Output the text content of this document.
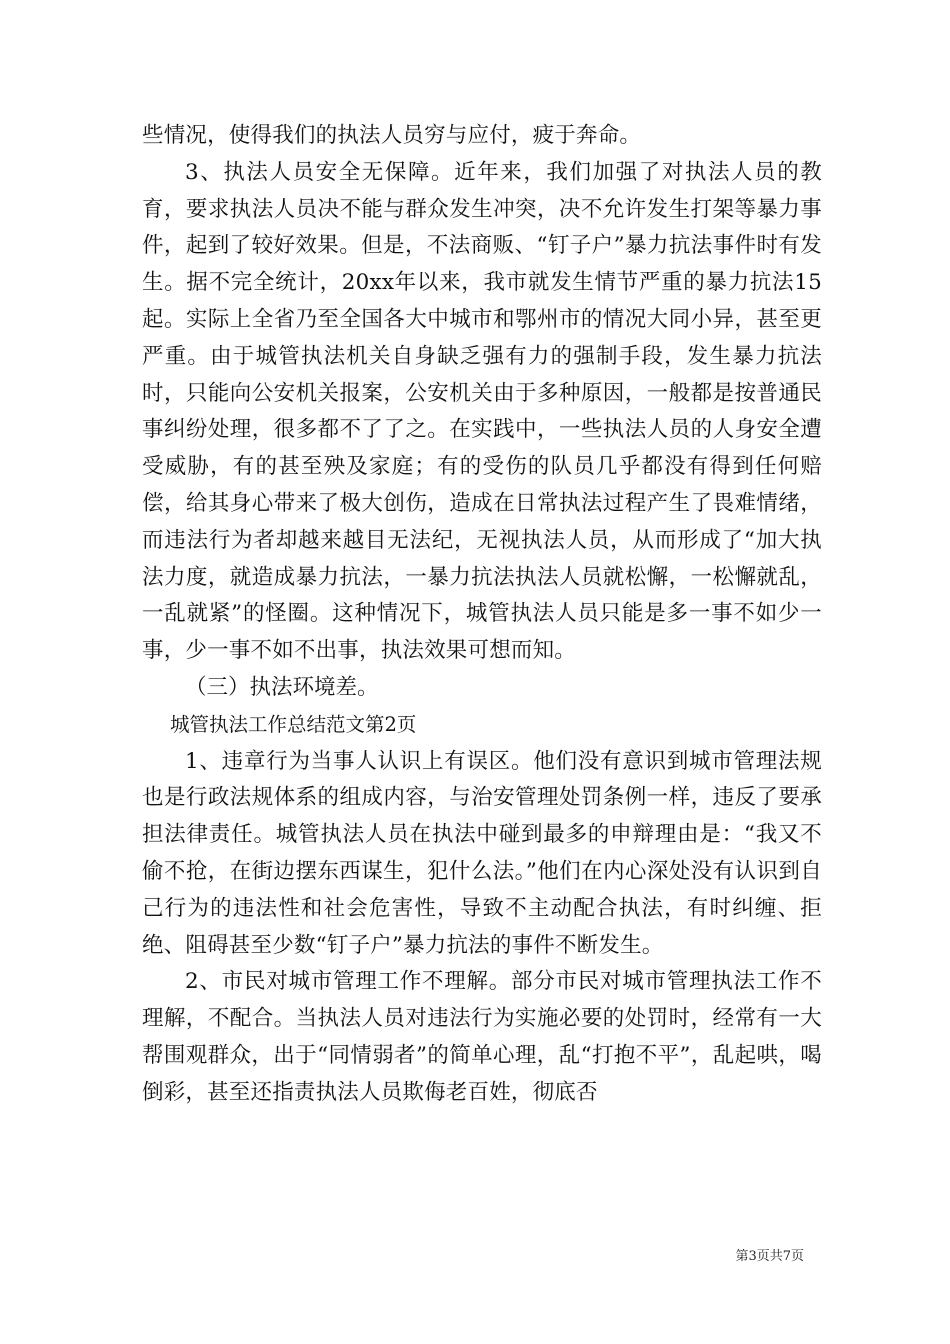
些情况，使得我们的执法人员穷与应付，疲于奔命。

3、执法人员安全无保障。近年来，我们加强了对执法人员的教育，要求执法人员决不能与群众发生冲突，决不允许发生打架等暴力事件，起到了较好效果。但是，不法商贩、“钉子户”暴力抗法事件时有发生。据不完全统计，20xx年以来，我市就发生情节严重的暴力抗法15起。实际上全省乃至全国各大中城市和鄂州市的情况大同小异，甚至更严重。由于城管执法机关自身缺乏强有力的强制手段，发生暴力抗法时，只能向公安机关报案，公安机关由于多种原因，一般都是按普通民事纠纷处理，很多都不了了之。在实践中，一些执法人员的人身安全遭受威胁，有的甚至殃及家庭；有的受伤的队员几乎都没有得到任何赔偿，给其身心带来了极大创伤，造成在日常执法过程产生了畏难情绪，而违法行为者却越来越目无法纪，无视执法人员，从而形成了“加大执法力度，就造成暴力抗法，一暴力抗法执法人员就松懈，一松懈就乱，一乱就紧”的怪圈。这种情况下，城管执法人员只能是多一事不如少一事，少一事不如不出事，执法效果可想而知。

（三）执法环境差。

城管执法工作总结范文第2页

1、违章行为当事人认识上有误区。他们没有意识到城市管理法规也是行政法规体系的组成内容，与治安管理处罚条例一样，违反了要承担法律责任。城管执法人员在执法中碰到最多的申辩理由是：“我又不偷不抢，在街边摆东西谋生，犯什么法。”他们在内心深处没有认识到自己行为的违法性和社会危害性，导致不主动配合执法，有时纠缠、拒绝、阻碍甚至少数“钉子户”暴力抗法的事件不断发生。

2、市民对城市管理工作不理解。部分市民对城市管理执法工作不理解，不配合。当执法人员对违法行为实施必要的处罚时，经常有一大帮围观群众，出于“同情弱者”的简单心理，乱“打抱不平”，乱起哄，喝倒彩，甚至还指责执法人员欺侮老百姓，彻底否

第3页共7页
